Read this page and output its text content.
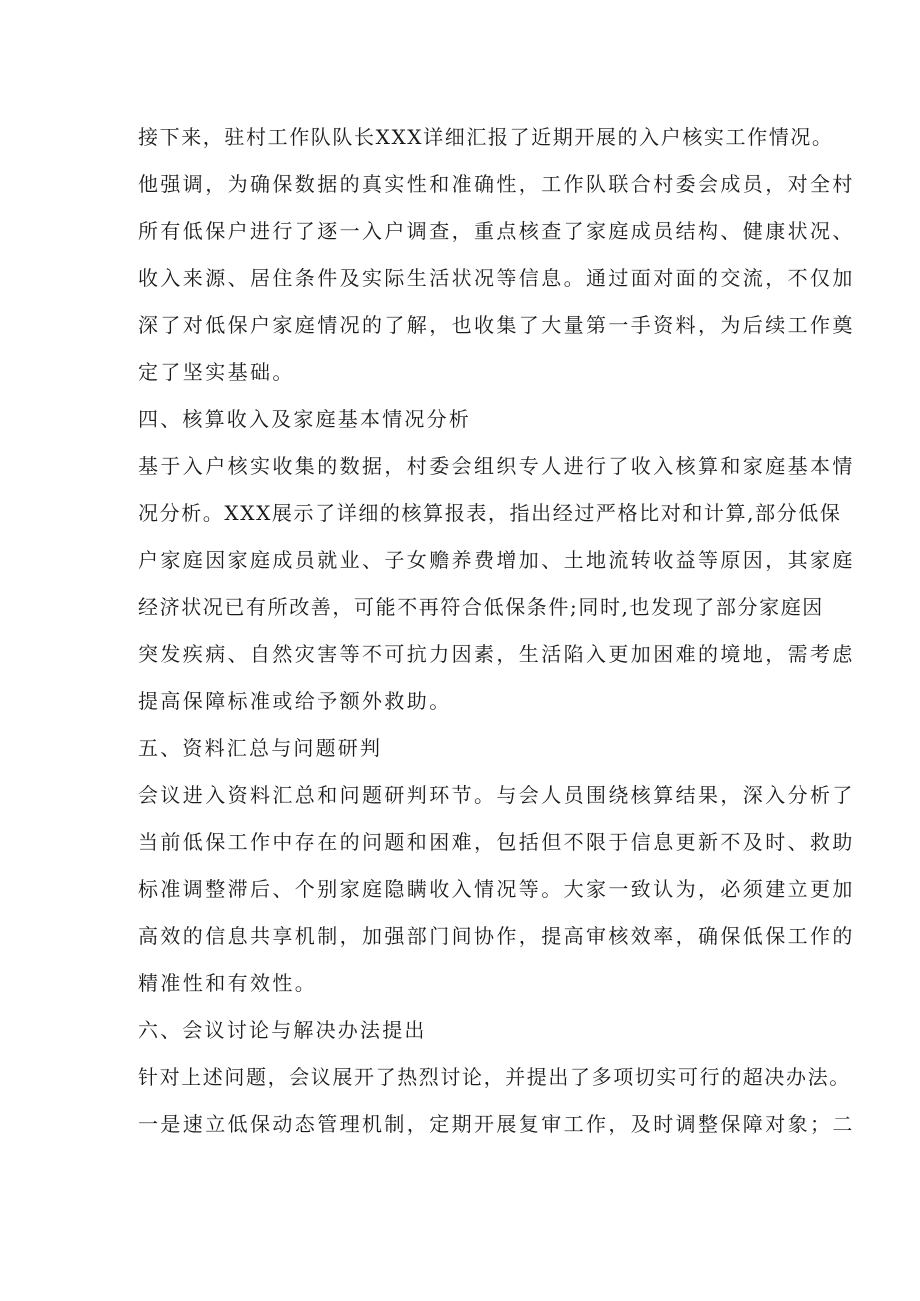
接下来，驻村工作队队长XXX详细汇报了近期开展的入户核实工作情况。
他强调，为确保数据的真实性和准确性，工作队联合村委会成员，对全村
所有低保户进行了逐一入户调查，重点核查了家庭成员结构、健康状况、
收入来源、居住条件及实际生活状况等信息。通过面对面的交流，不仅加
深了对低保户家庭情况的了解，也收集了大量第一手资料，为后续工作奠
定了坚实基础。
四、核算收入及家庭基本情况分析
基于入户核实收集的数据，村委会组织专人进行了收入核算和家庭基本情
况分析。XXX展示了详细的核算报表，指出经过严格比对和计算,部分低保
户家庭因家庭成员就业、子女赡养费增加、土地流转收益等原因，其家庭
经济状况已有所改善，可能不再符合低保条件;同时,也发现了部分家庭因
突发疾病、自然灾害等不可抗力因素，生活陷入更加困难的境地，需考虑
提高保障标准或给予额外救助。
五、资料汇总与问题研判
会议进入资料汇总和问题研判环节。与会人员围绕核算结果，深入分析了
当前低保工作中存在的问题和困难，包括但不限于信息更新不及时、救助
标准调整滞后、个别家庭隐瞒收入情况等。大家一致认为，必须建立更加
高效的信息共享机制，加强部门间协作，提高审核效率，确保低保工作的
精准性和有效性。
六、会议讨论与解决办法提出
针对上述问题，会议展开了热烈讨论，并提出了多项切实可行的超决办法。
一是速立低保动态管理机制，定期开展复审工作，及时调整保障对象；二
